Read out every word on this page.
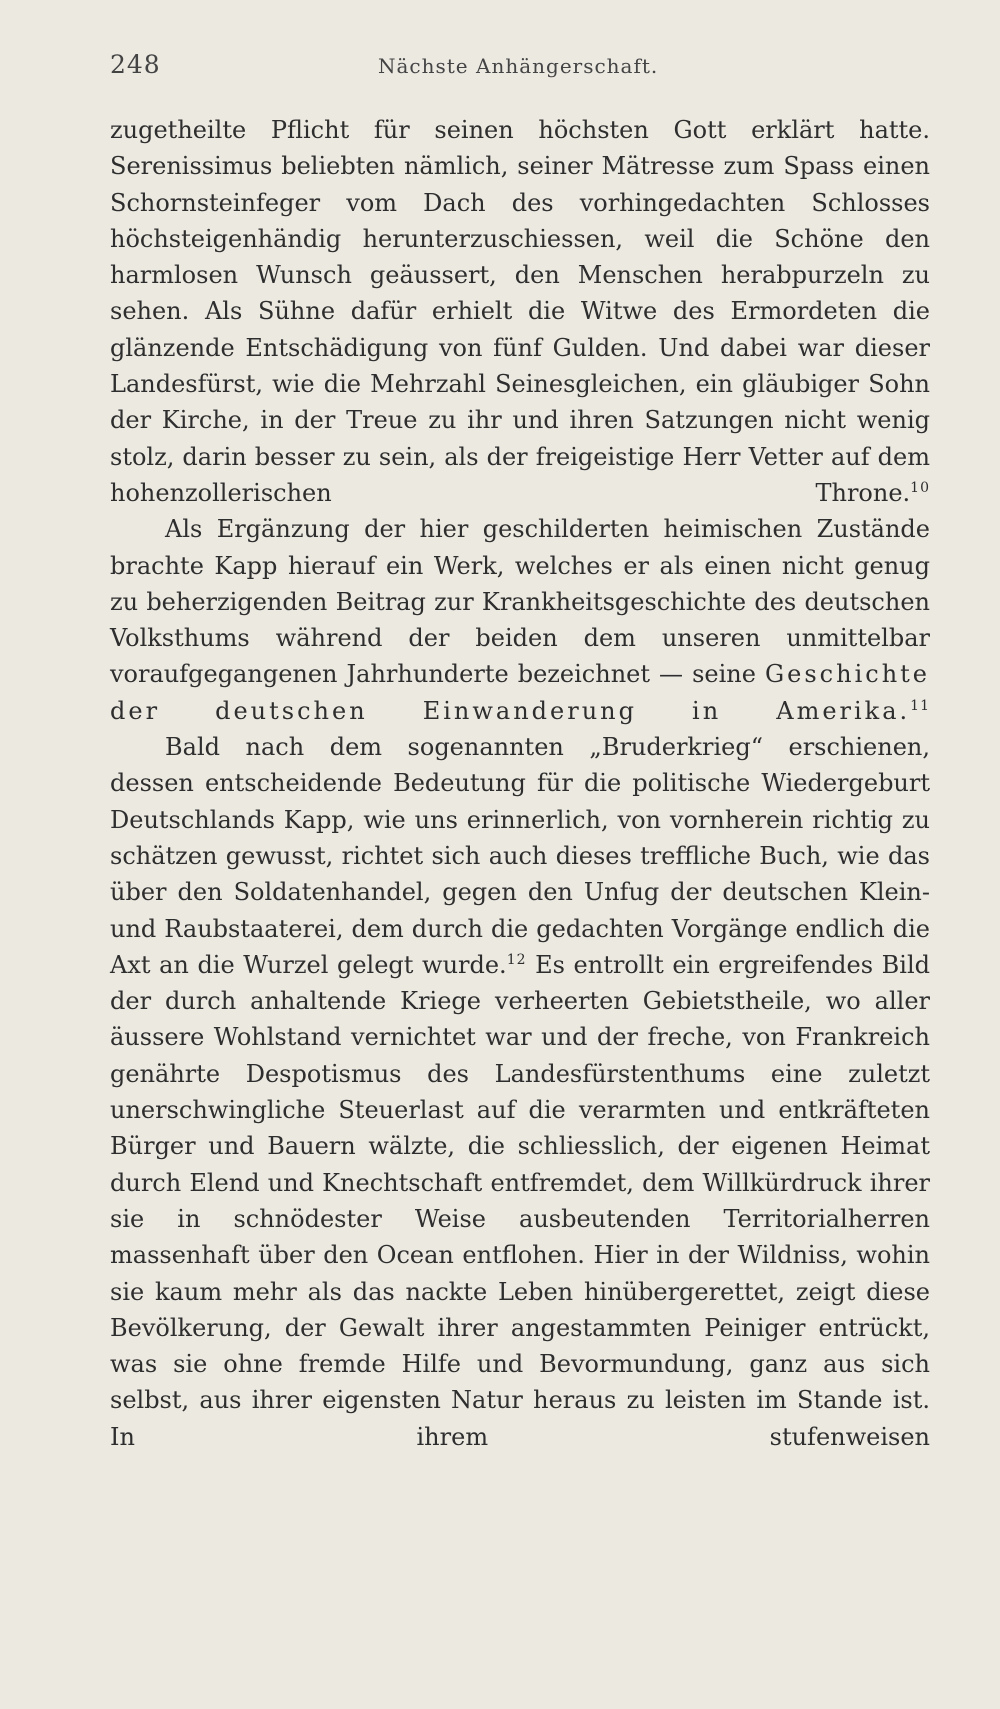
248	Nächste Anhängerschaft.

zugetheilte Pflicht für seinen höchsten Gott erklärt hatte. Serenissimus beliebten nämlich, seiner Mätresse zum Spass einen Schornsteinfeger vom Dach des vorhingedachten Schlosses höchsteigenhändig herunterzuschiessen, weil die Schöne den harmlosen Wunsch geäussert, den Menschen herabpurzeln zu sehen. Als Sühne dafür erhielt die Witwe des Ermordeten die glänzende Entschädigung von fünf Gulden. Und dabei war dieser Landesfürst, wie die Mehrzahl Seinesgleichen, ein gläubiger Sohn der Kirche, in der Treue zu ihr und ihren Satzungen nicht wenig stolz, darin besser zu sein, als der freigeistige Herr Vetter auf dem hohenzollerischen Throne.$^{10}$

Als Ergänzung der hier geschilderten heimischen Zustände brachte Kapp hierauf ein Werk, welches er als einen nicht genug zu beherzigenden Beitrag zur Krankheitsgeschichte des deutschen Volksthums während der beiden dem unseren unmittelbar voraufgegangenen Jahrhunderte bezeichnet — seine Geschichte der deutschen Einwanderung in Amerika.$^{11}$

Bald nach dem sogenannten „Bruderkrieg“ erschienen, dessen entscheidende Bedeutung für die politische Wiedergeburt Deutschlands Kapp, wie uns erinnerlich, von vornherein richtig zu schätzen gewusst, richtet sich auch dieses treffliche Buch, wie das über den Soldatenhandel, gegen den Unfug der deutschen Klein- und Raubstaaterei, dem durch die gedachten Vorgänge endlich die Axt an die Wurzel gelegt wurde.$^{12}$ Es entrollt ein ergreifendes Bild der durch anhaltende Kriege verheerten Gebietstheile, wo aller äussere Wohlstand vernichtet war und der freche, von Frankreich genährte Despotismus des Landesfürstenthums eine zuletzt unerschwingliche Steuerlast auf die verarmten und entkräfteten Bürger und Bauern wälzte, die schliesslich, der eigenen Heimat durch Elend und Knechtschaft entfremdet, dem Willkürdruck ihrer sie in schnödester Weise ausbeutenden Territorialherren massenhaft über den Ocean entflohen. Hier in der Wildniss, wohin sie kaum mehr als das nackte Leben hinübergerettet, zeigt diese Bevölkerung, der Gewalt ihrer angestammten Peiniger entrückt, was sie ohne fremde Hilfe und Bevormundung, ganz aus sich selbst, aus ihrer eigensten Natur heraus zu leisten im Stande ist. In ihrem stufenweisen
